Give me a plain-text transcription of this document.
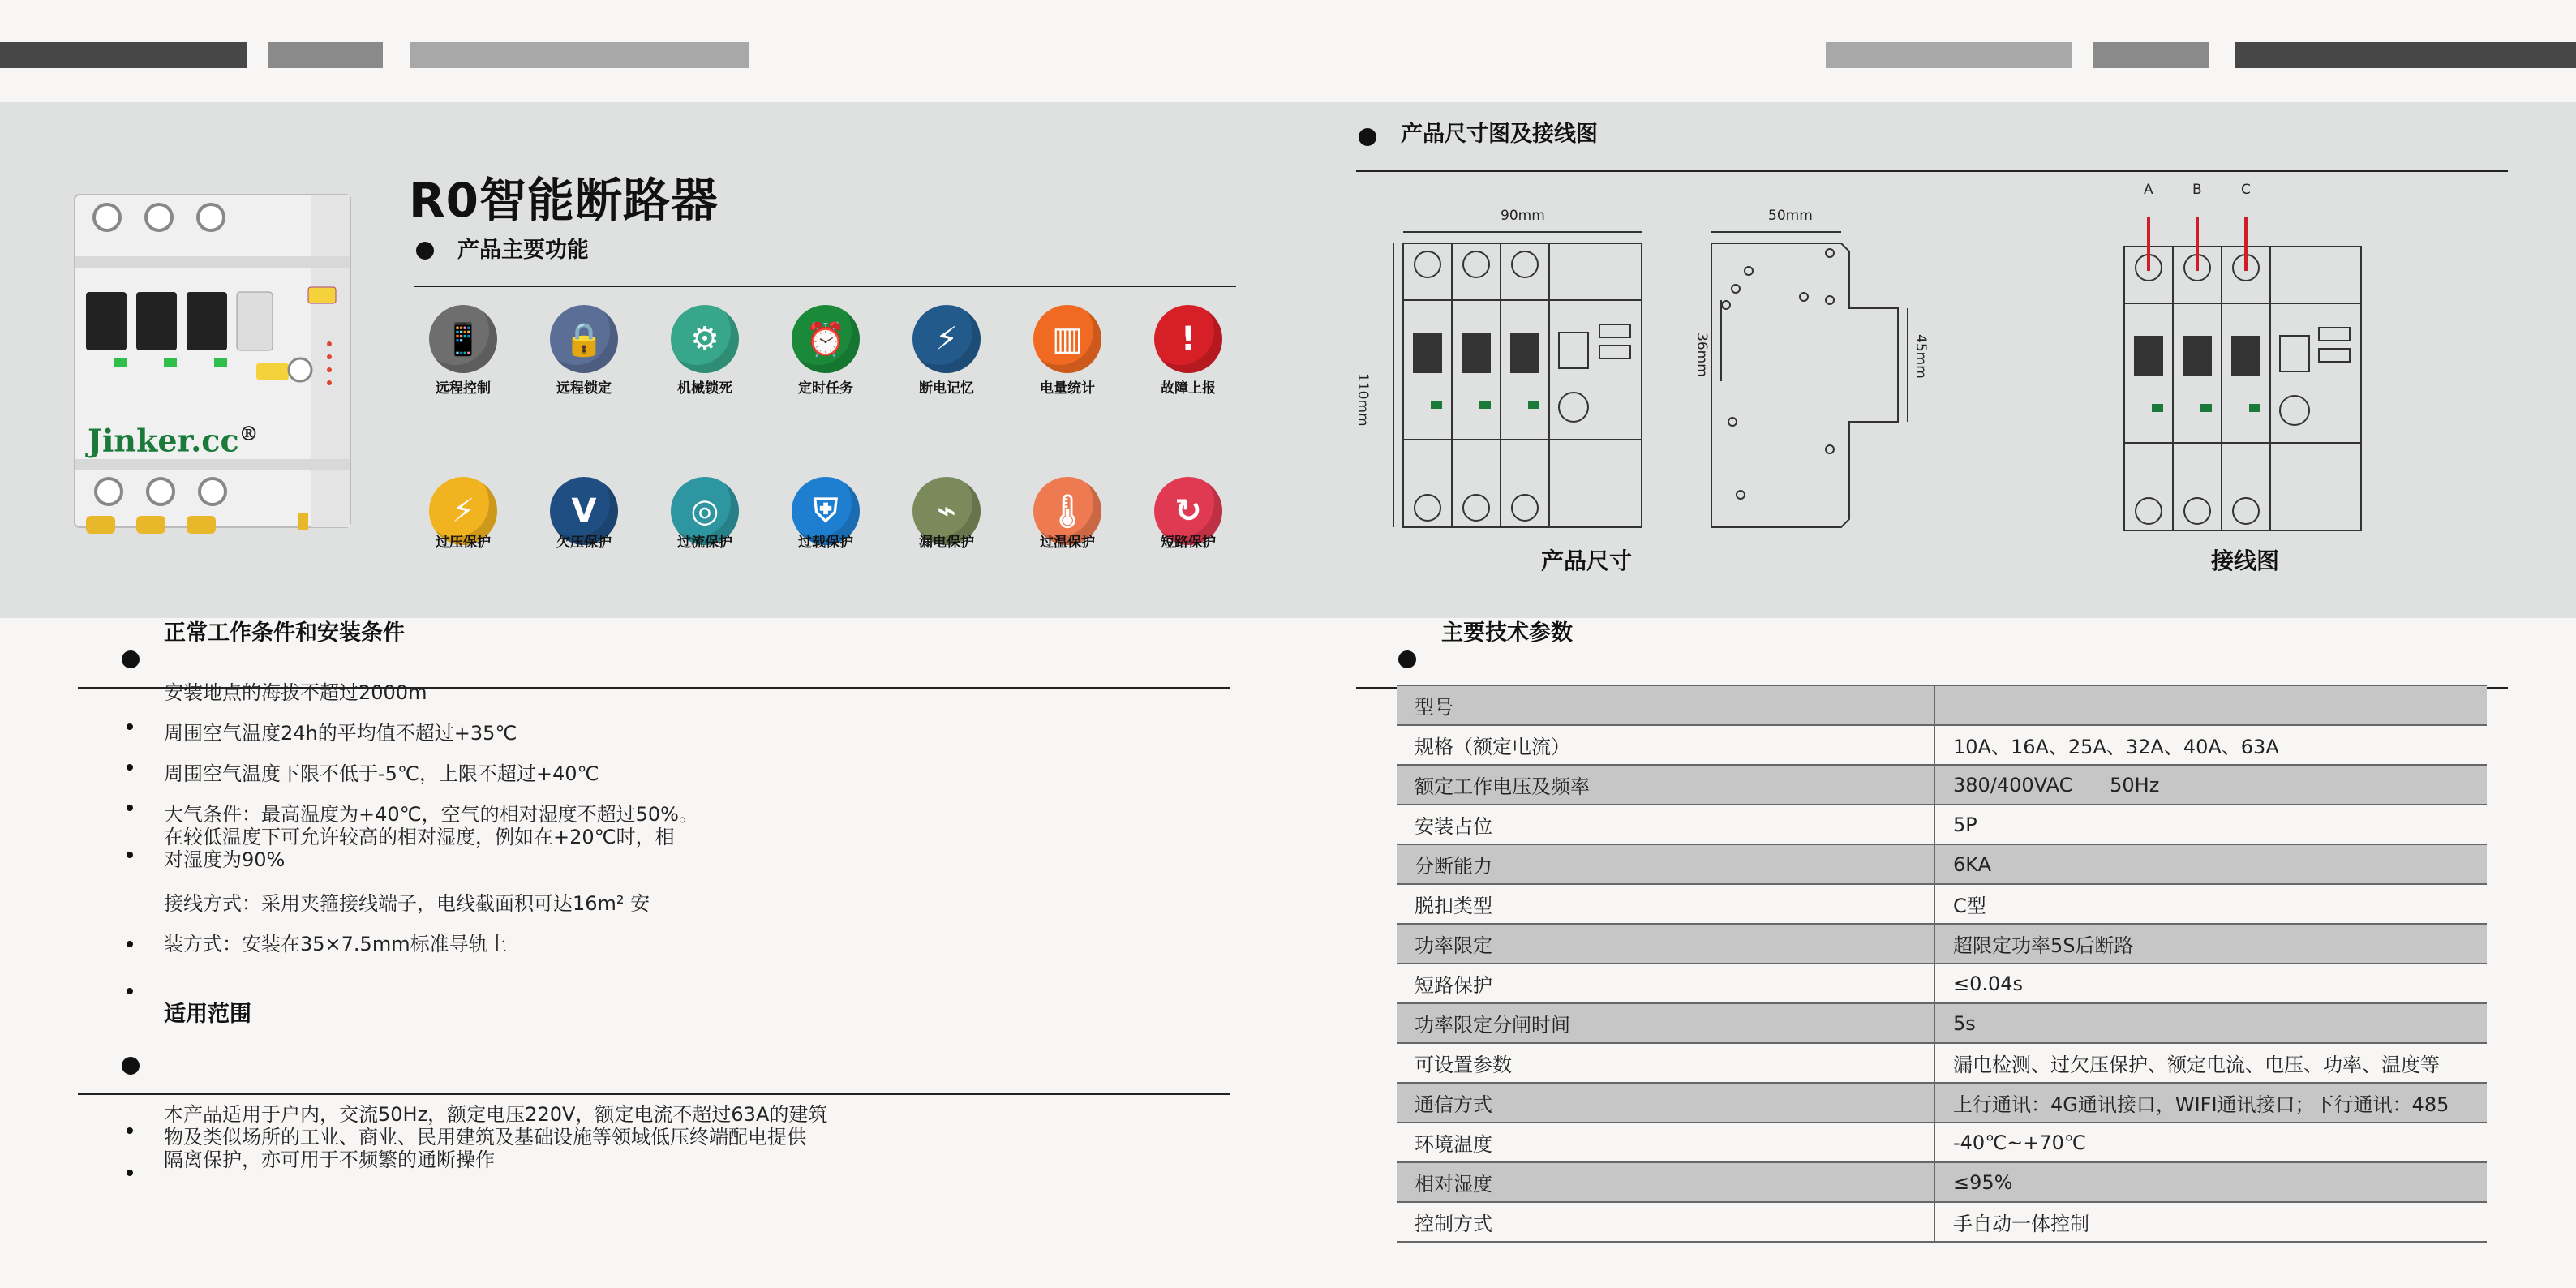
Jinker.cc®
R0智能断路器
产品主要功能
📱
远程控制
🔒
远程锁定
⚙
机械锁死
⏰
定时任务
⚡
断电记忆
▥
电量统计
!
故障上报
⚡
过压保护
V
欠压保护
◎
过流保护
⛨
过载保护
⌁
漏电保护
🌡
过温保护
↻
短路保护
产品尺寸图及接线图
90mm
110mm
50mm
36mm	45mm
产品尺寸
A	B	C
接线图
正常工作条件和安装条件
安装地点的海拔不超过2000m
周围空气温度24h的平均值不超过+35℃
周围空气温度下限不低于-5℃，上限不超过+40℃
大气条件：最高温度为+40℃，空气的相对湿度不超过50%。
在较低温度下可允许较高的相对湿度，例如在+20℃时，相
对湿度为90%
接线方式：采用夹箍接线端子，电线截面积可达16m² 安
装方式：安装在35×7.5mm标准导轨上
适用范围
本产品适用于户内，交流50Hz，额定电压220V，额定电流不超过63A的建筑
物及类似场所的工业、商业、民用建筑及基础设施等领域低压终端配电提供
隔离保护，亦可用于不频繁的通断操作
主要技术参数
型号	
规格（额定电流）	10A、16A、25A、32A、40A、63A
额定工作电压及频率	380/400VAC      50Hz
安装占位	5P
分断能力	6KA
脱扣类型	C型
功率限定	超限定功率5S后断路
短路保护	≤0.04s
功率限定分闸时间	5s
可设置参数	漏电检测、过欠压保护、额定电流、电压、功率、温度等
通信方式	上行通讯：4G通讯接口，WIFI通讯接口；下行通讯：485
环境温度	-40℃~+70℃
相对湿度	≤95%
控制方式	手自动一体控制
